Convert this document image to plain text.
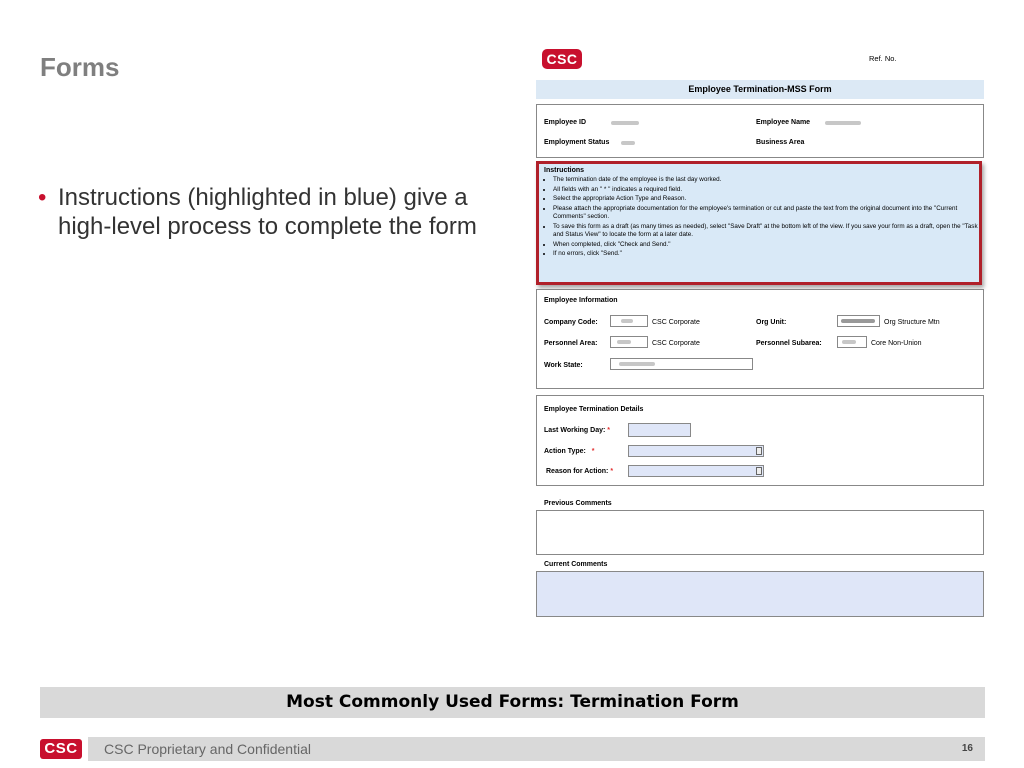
Forms
• Instructions (highlighted in blue) give a high-level process to complete the form
CSC	Ref. No.
Employee Termination-MSS Form
Employee ID	Employee Name
Employment Status	Business Area
Instructions
• The termination date of the employee is the last day worked.
• All fields with an " * " indicates a required field.
• Select the appropriate Action Type and Reason.
• Please attach the appropriate documentation for the employee's termination or cut and paste the text from the original document into the "Current Comments" section.
• To save this form as a draft (as many times as needed), select "Save Draft" at the bottom left of the view. If you save your form as a draft, open the "Task and Status View" to locate the form at a later date.
• When completed, click "Check and Send."
• If no errors, click "Send."
Employee Information
Company Code:	CSC Corporate	Org Unit:	Org Structure Mtn
Personnel Area:	CSC Corporate	Personnel Subarea:	Core Non-Union
Work State:
Employee Termination Details
Last Working Day: *
Action Type: *
Reason for Action: *
Previous Comments
Current Comments
Most Commonly Used Forms: Termination Form
CSC	CSC Proprietary and Confidential	16
